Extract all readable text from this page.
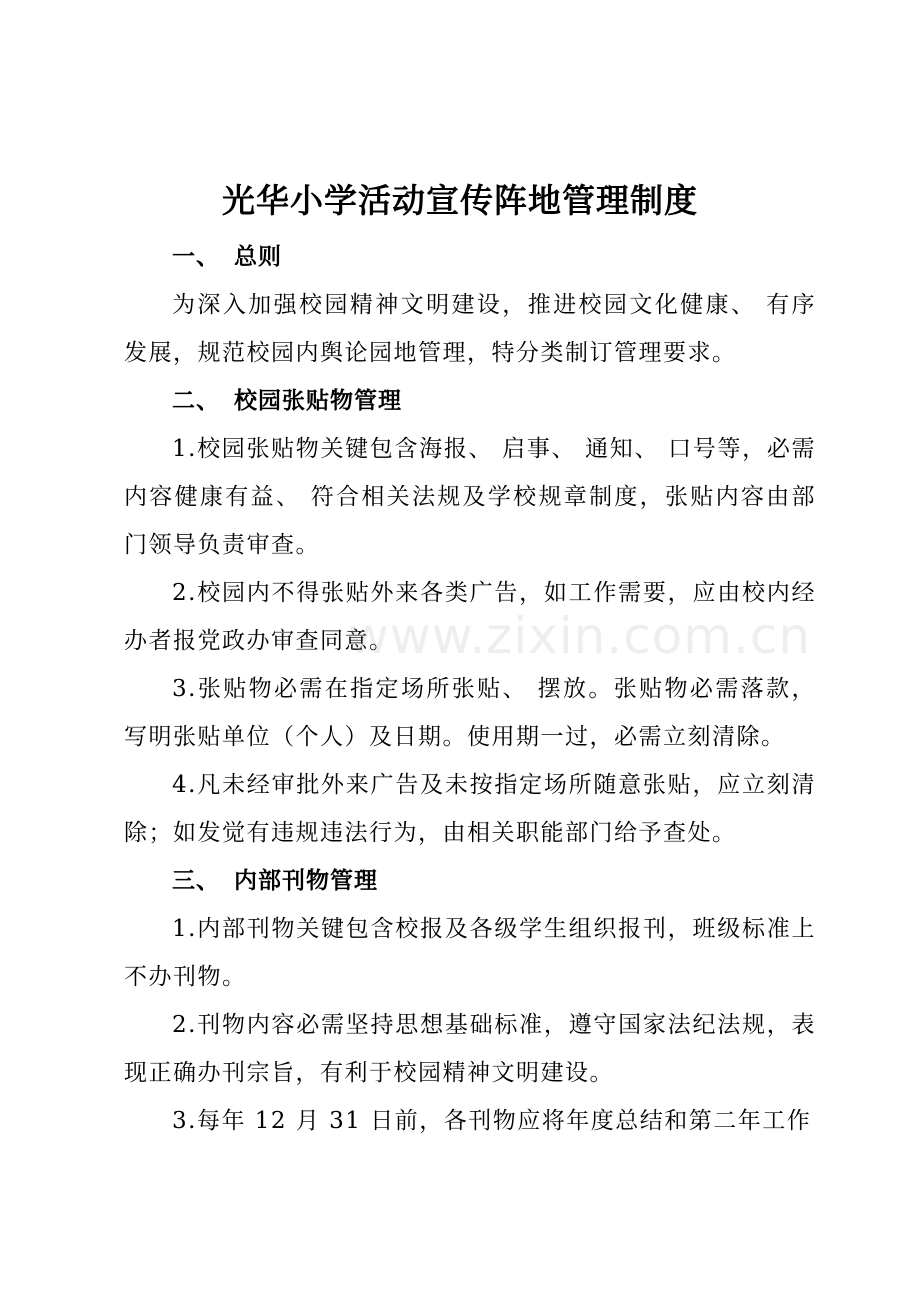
光华小学活动宣传阵地管理制度
一、 总则

为深入加强校园精神文明建设，推进校园文化健康、 有序发展，规范校园内舆论园地管理，特分类制订管理要求。

二、 校园张贴物管理

1.校园张贴物关键包含海报、 启事、 通知、 口号等，必需内容健康有益、 符合相关法规及学校规章制度，张贴内容由部门领导负责审查。

2.校园内不得张贴外来各类广告，如工作需要，应由校内经办者报党政办审查同意。

3.张贴物必需在指定场所张贴、 摆放。张贴物必需落款，写明张贴单位（个人）及日期。使用期一过，必需立刻清除。

4.凡未经审批外来广告及未按指定场所随意张贴，应立刻清除；如发觉有违规违法行为，由相关职能部门给予查处。

三、 内部刊物管理

1.内部刊物关键包含校报及各级学生组织报刊，班级标准上不办刊物。

2.刊物内容必需坚持思想基础标准，遵守国家法纪法规，表现正确办刊宗旨，有利于校园精神文明建设。

3.每年 12 月 31 日前，各刊物应将年度总结和第二年工作

www.zixin.com.cn
